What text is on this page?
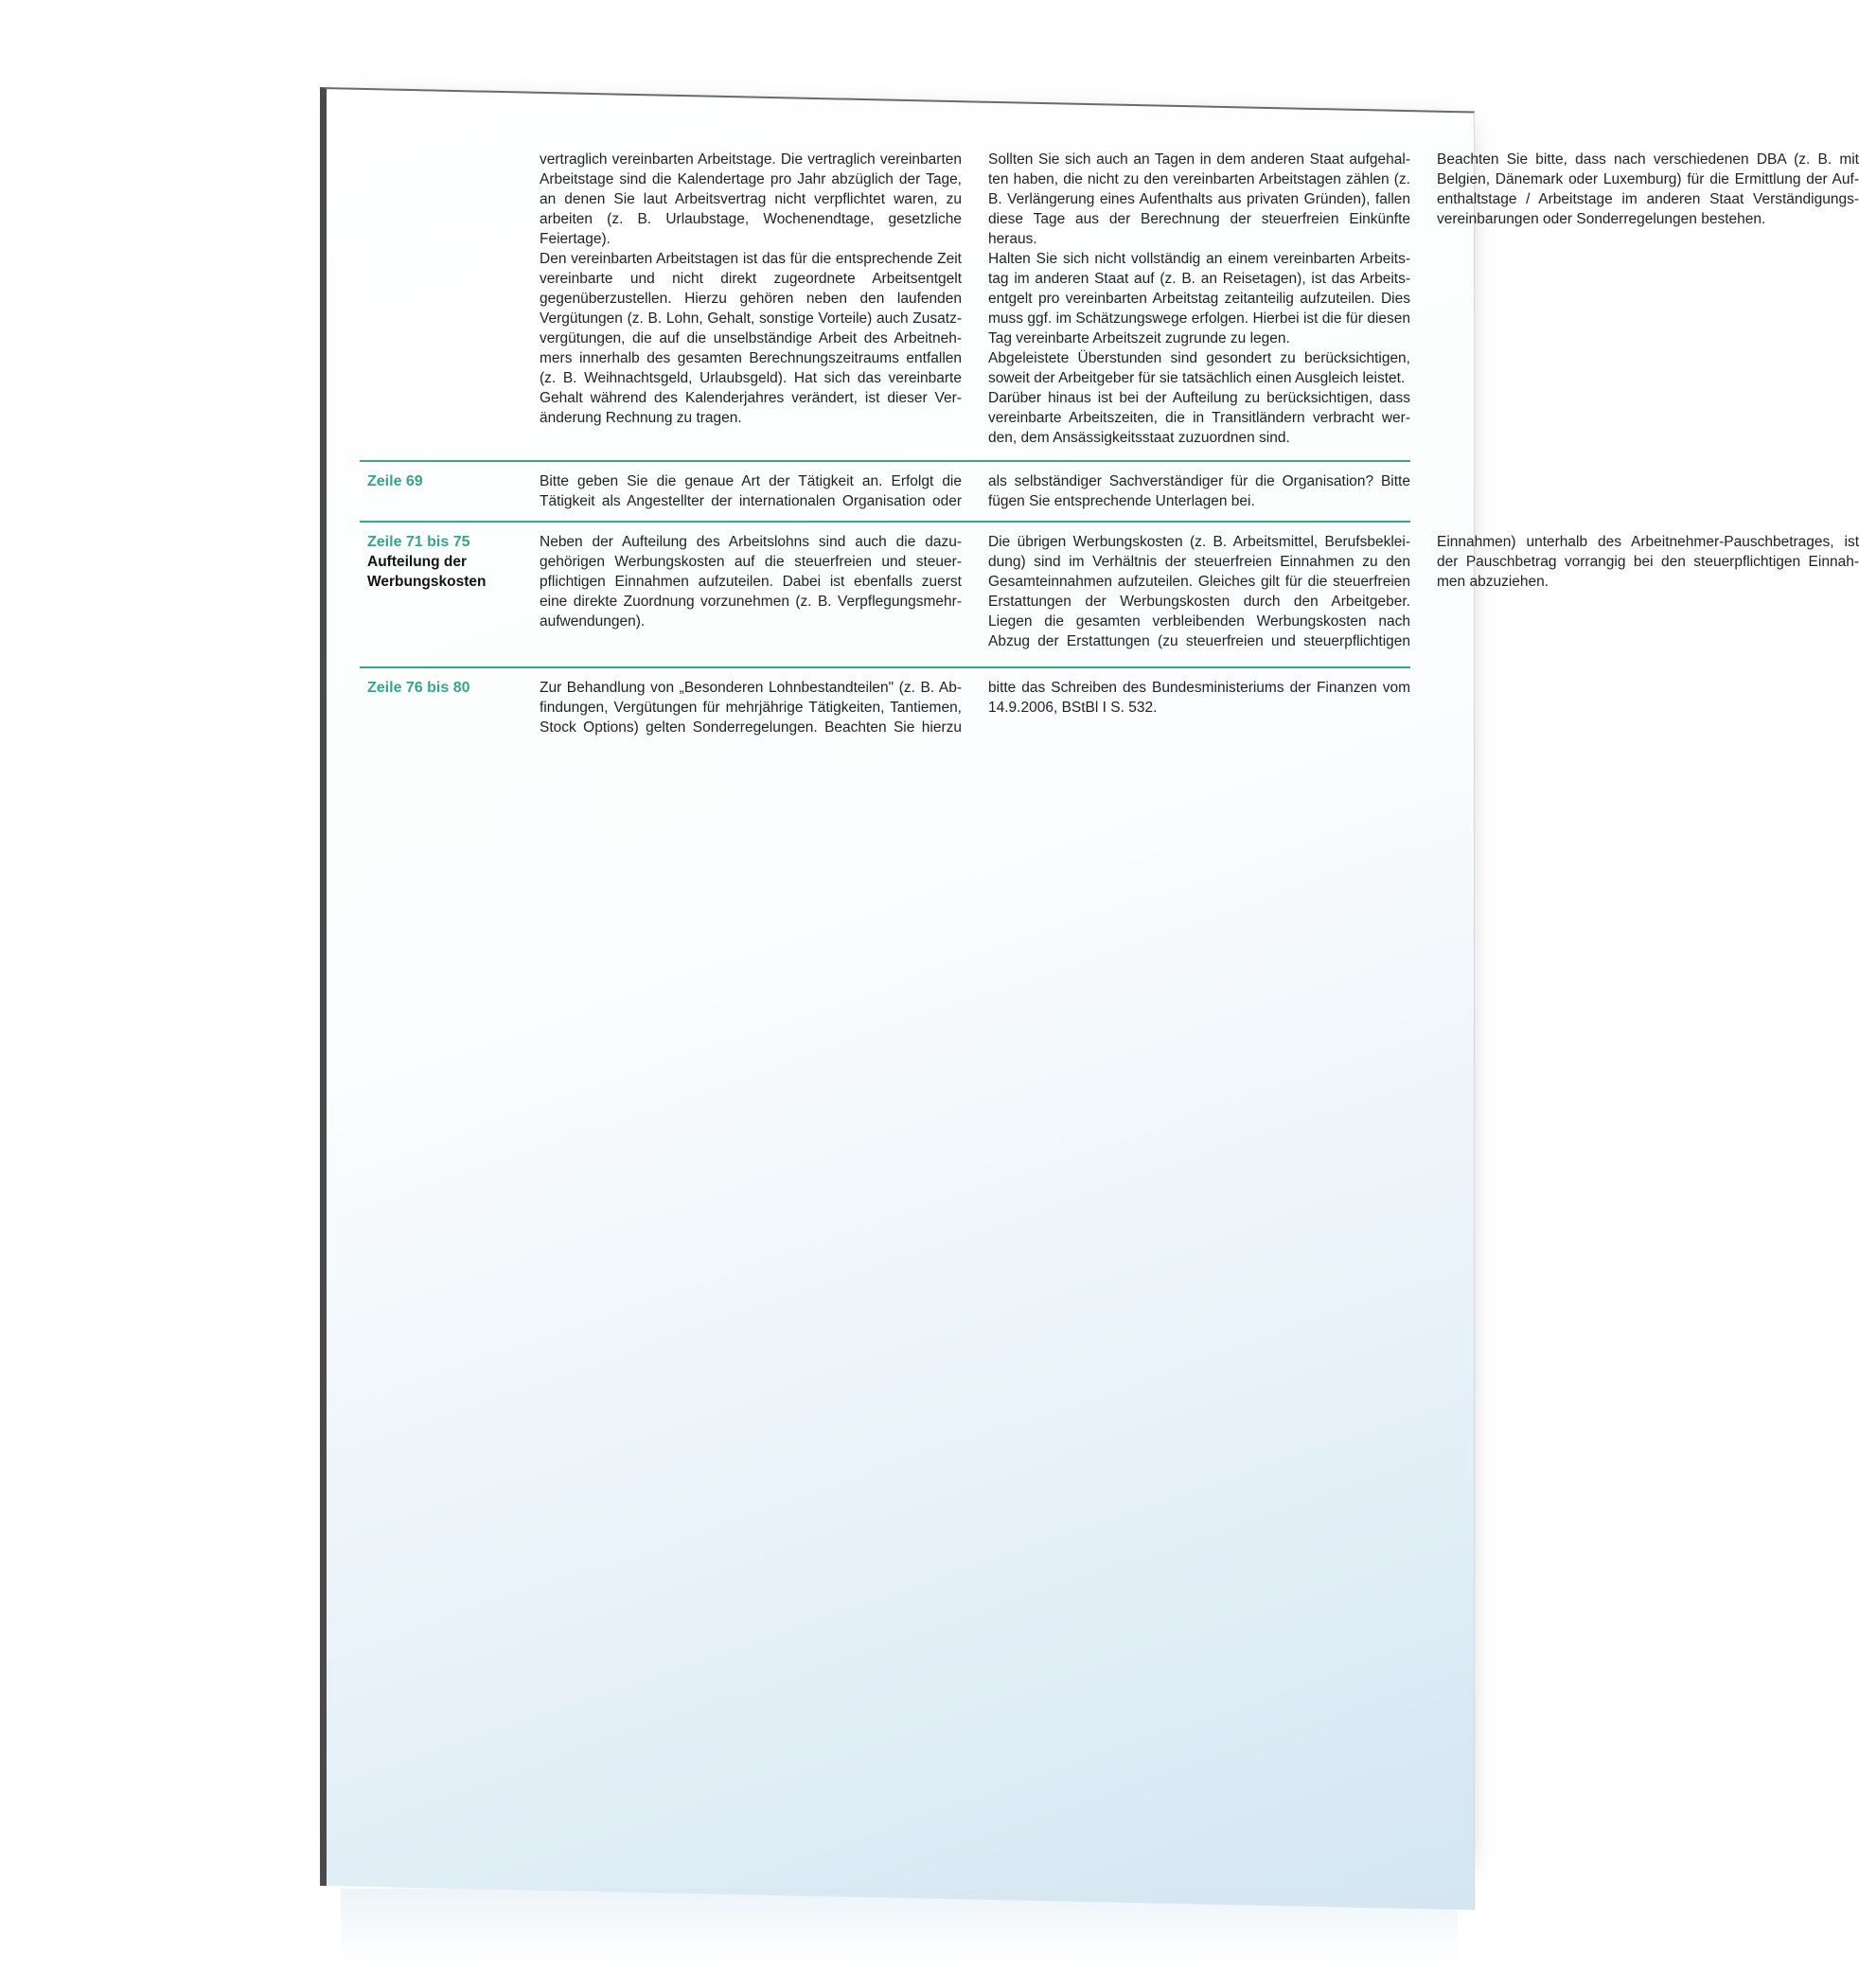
vertraglich vereinbarten Arbeitstage. Die vertraglich vereinbarten Arbeitstage sind die Kalendertage pro Jahr abzüglich der Tage, an denen Sie laut Arbeitsvertrag nicht verpflichtet waren, zu arbeiten (z. B. Urlaubstage, Wochenendtage, gesetzliche Feiertage).

Den vereinbarten Arbeitstagen ist das für die entsprechende Zeit vereinbarte und nicht direkt zugeordnete Arbeitsentgelt gegenüberzustellen. Hierzu gehören neben den laufenden Vergütungen (z. B. Lohn, Gehalt, sonstige Vorteile) auch Zusatzvergütungen, die auf die unselbständige Arbeit des Arbeitnehmers innerhalb des gesamten Berechnungszeitraums entfallen (z. B. Weihnachtsgeld, Urlaubsgeld). Hat sich das vereinbarte Gehalt während des Kalenderjahres verändert, ist dieser Veränderung Rechnung zu tragen.

Sollten Sie sich auch an Tagen in dem anderen Staat aufgehalten haben, die nicht zu den vereinbarten Arbeitstagen zählen (z. B. Verlängerung eines Aufenthalts aus privaten Gründen), fallen diese Tage aus der Berechnung der steuerfreien Einkünfte heraus.

Halten Sie sich nicht vollständig an einem vereinbarten Arbeitstag im anderen Staat auf (z. B. an Reisetagen), ist das Arbeitsentgelt pro vereinbarten Arbeitstag zeitanteilig aufzuteilen. Dies muss ggf. im Schätzungswege erfolgen. Hierbei ist die für diesen Tag vereinbarte Arbeitszeit zugrunde zu legen.

Abgeleistete Überstunden sind gesondert zu berücksichtigen, soweit der Arbeitgeber für sie tatsächlich einen Ausgleich leistet.

Darüber hinaus ist bei der Aufteilung zu berücksichtigen, dass vereinbarte Arbeitszeiten, die in Transitländern verbracht werden, dem Ansässigkeitsstaat zuzuordnen sind.

Beachten Sie bitte, dass nach verschiedenen DBA (z. B. mit Belgien, Dänemark oder Luxemburg) für die Ermittlung der Aufenthaltstage / Arbeitstage im anderen Staat Verständigungsvereinbarungen oder Sonderregelungen bestehen.

Zeile 69	Bitte geben Sie die genaue Art der Tätigkeit an. Erfolgt die Tätigkeit als Angestellter der internationalen Organisation oder als selbständiger Sachverständiger für die Organisation? Bitte fügen Sie entsprechende Unterlagen bei.

Zeile 71 bis 75
Aufteilung der Werbungskosten

Neben der Aufteilung des Arbeitslohns sind auch die dazugehörigen Werbungskosten auf die steuerfreien und steuerpflichtigen Einnahmen aufzuteilen. Dabei ist ebenfalls zuerst eine direkte Zuordnung vorzunehmen (z. B. Verpflegungsmehraufwendungen).

Die übrigen Werbungskosten (z. B. Arbeitsmittel, Berufsbekleidung) sind im Verhältnis der steuerfreien Einnahmen zu den Gesamteinnahmen aufzuteilen. Gleiches gilt für die steuerfreien Erstattungen der Werbungskosten durch den Arbeitgeber. Liegen die gesamten verbleibenden Werbungskosten nach Abzug der Erstattungen (zu steuerfreien und steuerpflichtigen Einnahmen) unterhalb des Arbeitnehmer-Pauschbetrages, ist der Pauschbetrag vorrangig bei den steuerpflichtigen Einnahmen abzuziehen.

Zeile 76 bis 80	Zur Behandlung von „Besonderen Lohnbestandteilen" (z. B. Abfindungen, Vergütungen für mehrjährige Tätigkeiten, Tantiemen, Stock Options) gelten Sonderregelungen. Beachten Sie hierzu bitte das Schreiben des Bundesministeriums der Finanzen vom 14.9.2006, BStBl I S. 532.
